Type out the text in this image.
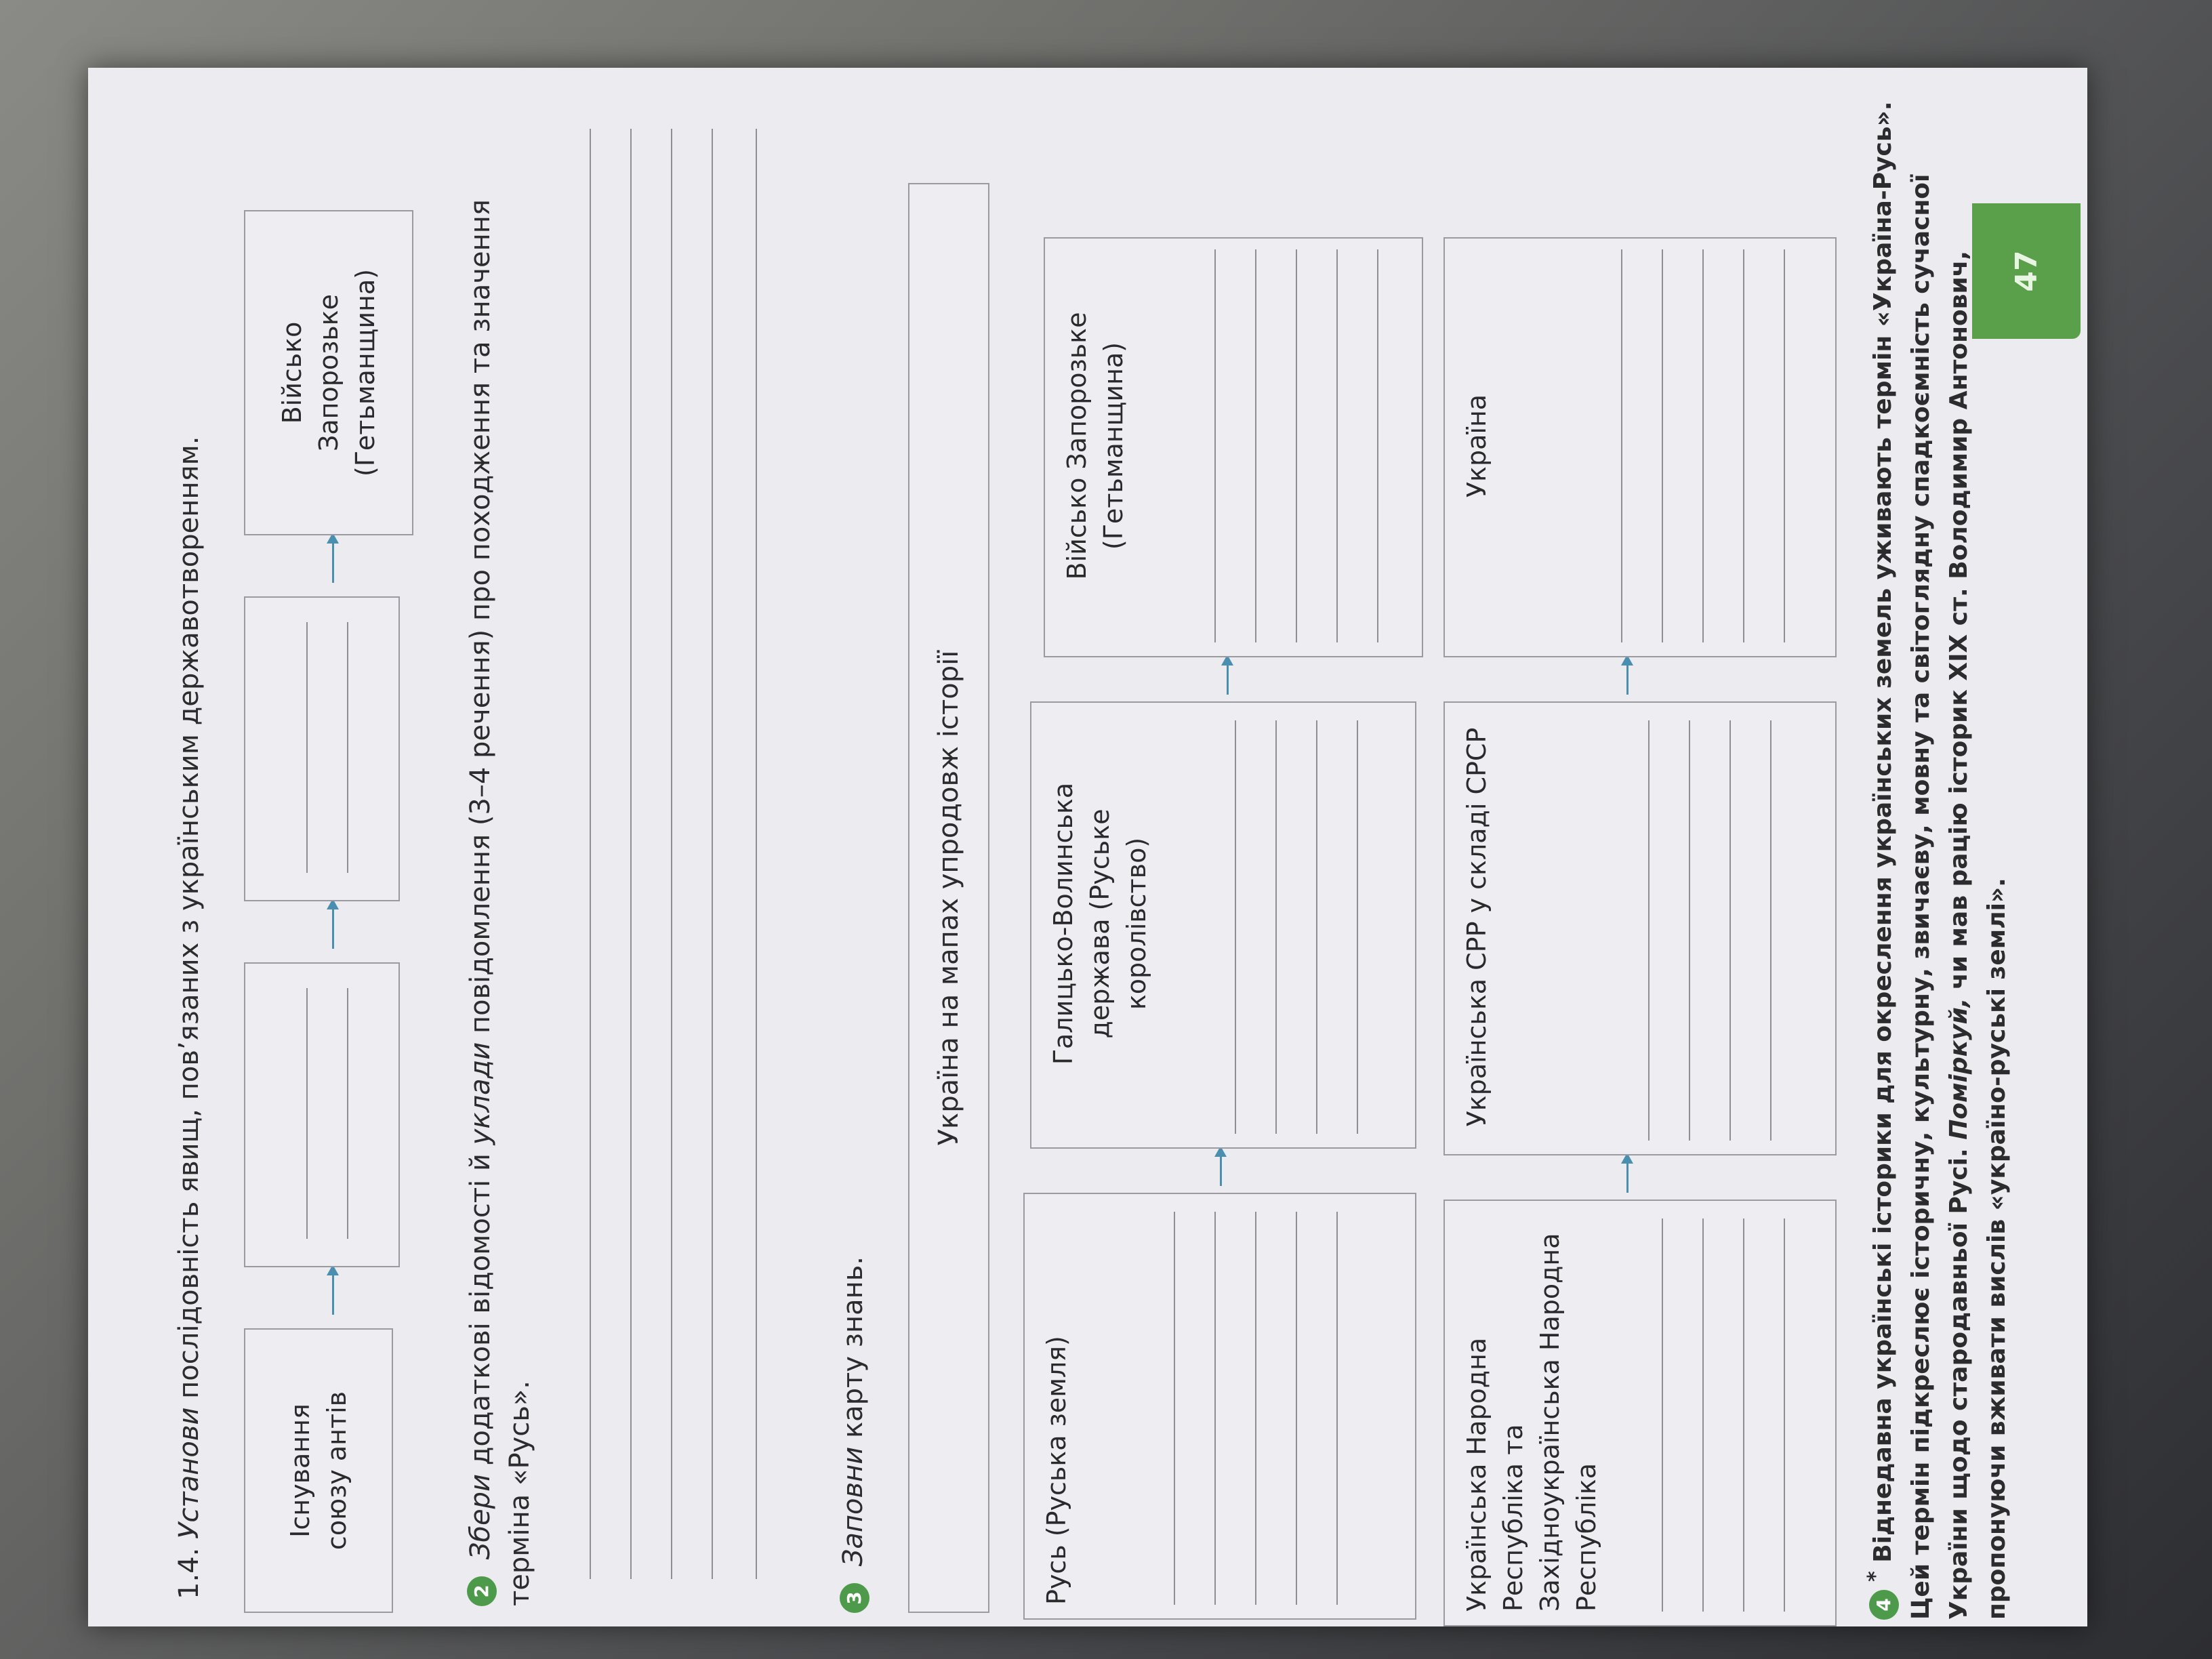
47
1.4. Установи послідовність явищ, пов’язаних з українським державотворенням.
Існування союзу антів
Військо Запорозьке (Гетьманщина)
2 Збери додаткові відомості й уклади повідомлення (3–4 речення) про походження та значення терміна «Русь».	3 Заповни карту знань.
Україна на мапах упродовж історії
Русь (Руська земля)
Галицько-Волинська держава (Руське королівство)
Військо Запорозьке (Гетьманщина)
Українська Народна Республіка та Західноукраїнська Народна Республіка
Українська СРР у складі СРСР
Україна
4* Віднедавна українські історики для окреслення українських земель уживають термін «Україна-Русь». Цей термін підкреслює історичну, культурну, звичаєву, мовну та світоглядну спадкоємність сучасної України щодо стародавньої Русі. Поміркуй, чи мав рацію історик XIX ст. Володимир Антонович, пропонуючи вживати вислів «україно-руські землі».
